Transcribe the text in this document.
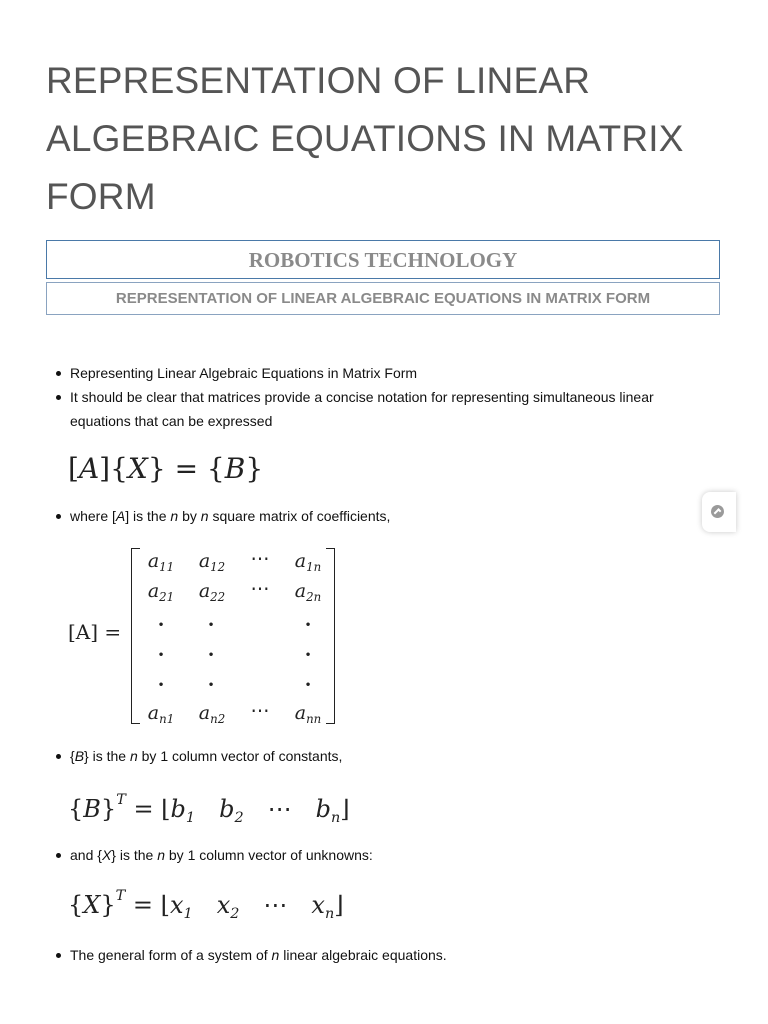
REPRESENTATION OF LINEAR ALGEBRAIC EQUATIONS IN MATRIX FORM
ROBOTICS TECHNOLOGY
REPRESENTATION OF LINEAR ALGEBRAIC EQUATIONS IN MATRIX FORM
Representing Linear Algebraic Equations in Matrix Form
It should be clear that matrices provide a concise notation for representing simultaneous linear equations that can be expressed
[A]{X} = {B}
where [A] is the n by n square matrix of coefficients,
[A] =
$a_{11}$ $a_{12}$ ⋯ $a_{1n}$
$a_{21}$ $a_{22}$ ⋯ $a_{2n}$
· ·	·
· ·	·
· ·	·
$a_{n1}$ $a_{n2}$ ⋯ $a_{nn}$
{B} is the n by 1 column vector of constants,
$\{B\}^T$ = $⌊b_1$  $b_2$  ⋯  $b_n⌋$
and {X} is the n by 1 column vector of unknowns:
$\{X\}^T$ = $⌊x_1$  $x_2$  ⋯  $x_n⌋$
The general form of a system of n linear algebraic equations.
